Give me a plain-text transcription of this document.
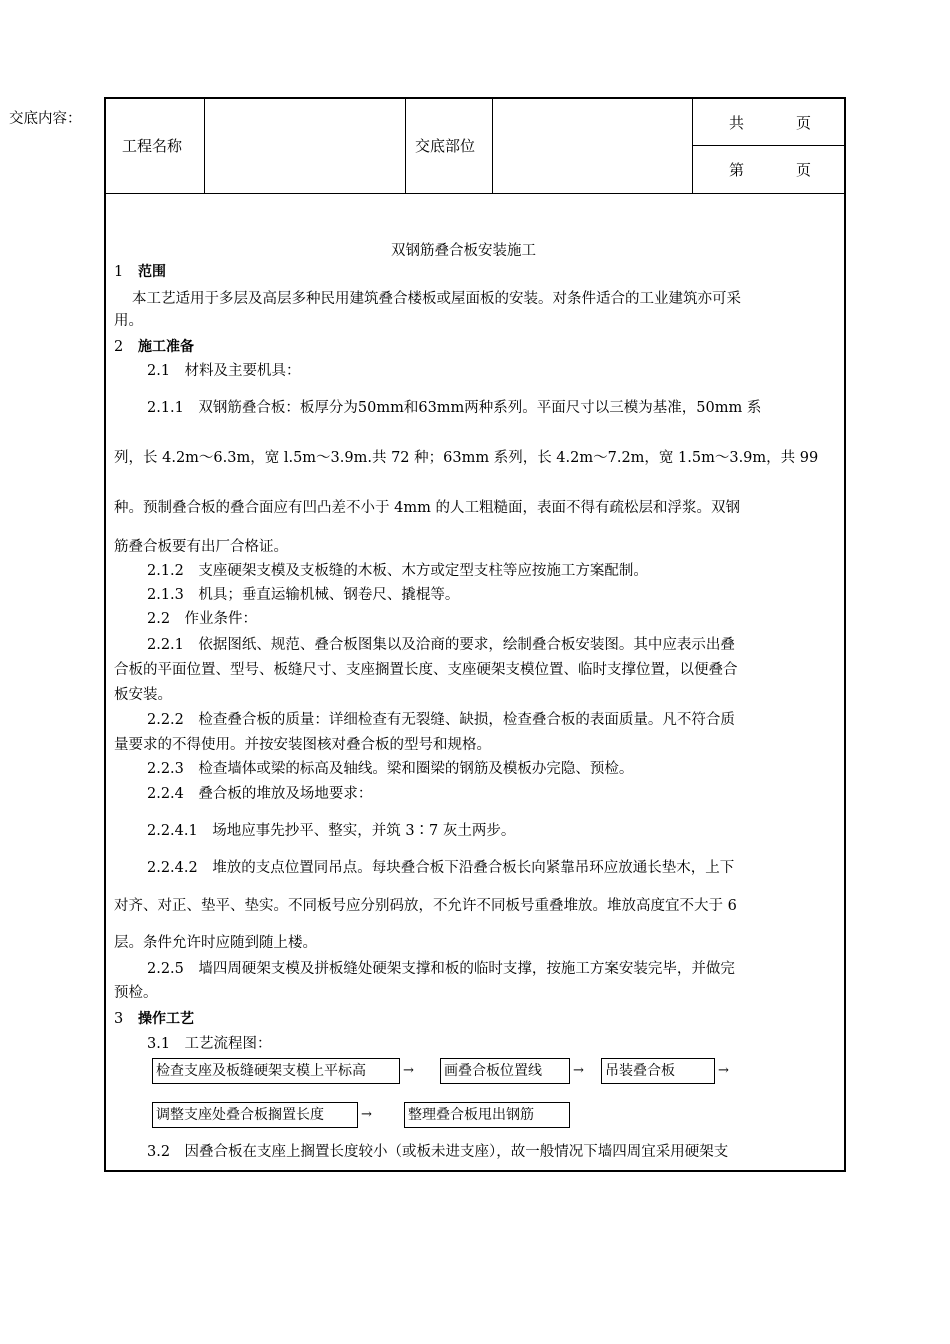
工程名称	交底部位
共	页
第	页
交底内容：
双钢筋叠合板安装施工
1 范围
本工艺适用于多层及高层多种民用建筑叠合楼板或屋面板的安装。对条件适合的工业建筑亦可采
用。
2 施工准备
2.1　材料及主要机具：
2.1.1　双钢筋叠合板：板厚分为50mm和63mm两种系列。平面尺寸以三模为基准，50mm 系
列，长 4.2m～6.3m，宽 l.5m～3.9m.共 72 种；63mm 系列，长 4.2m～7.2m，宽 1.5m～3.9m，共 99
种。预制叠合板的叠合面应有凹凸差不小于 4mm 的人工粗糙面，表面不得有疏松层和浮浆。双钢
筋叠合板要有出厂合格证。
2.1.2　支座硬架支模及支板缝的木板、木方或定型支柱等应按施工方案配制。
2.1.3　机具；垂直运输机械、钢卷尺、撬棍等。
2.2　作业条件：
2.2.1　依据图纸、规范、叠合板图集以及洽商的要求，绘制叠合板安装图。其中应表示出叠
合板的平面位置、型号、板缝尺寸、支座搁置长度、支座硬架支模位置、临时支撑位置，以便叠合
板安装。
2.2.2　检查叠合板的质量：详细检查有无裂缝、缺损，检查叠合板的表面质量。凡不符合质
量要求的不得使用。并按安装图核对叠合板的型号和规格。
2.2.3　检查墙体或梁的标高及轴线。梁和圈梁的钢筋及模板办完隐、预检。
2.2.4　叠合板的堆放及场地要求：
2.2.4.1　场地应事先抄平、整实，并筑 3∶7 灰土两步。
2.2.4.2　堆放的支点位置同吊点。每块叠合板下沿叠合板长向紧靠吊环应放通长垫木，上下
对齐、对正、垫平、垫实。不同板号应分别码放，不允许不同板号重叠堆放。堆放高度宜不大于 6
层。条件允许时应随到随上楼。
2.2.5　墙四周硬架支模及拼板缝处硬架支撑和板的临时支撑，按施工方案安装完毕，并做完
预检。
3 操作工艺
3.1　工艺流程图：
检查支座及板缝硬架支模上平标高	→ 画叠合板位置线	→ 吊装叠合板	→
调整支座处叠合板搁置长度	→	整理叠合板甩出钢筋
3.2　因叠合板在支座上搁置长度较小（或板未进支座），故一般情况下墙四周宜采用硬架支
